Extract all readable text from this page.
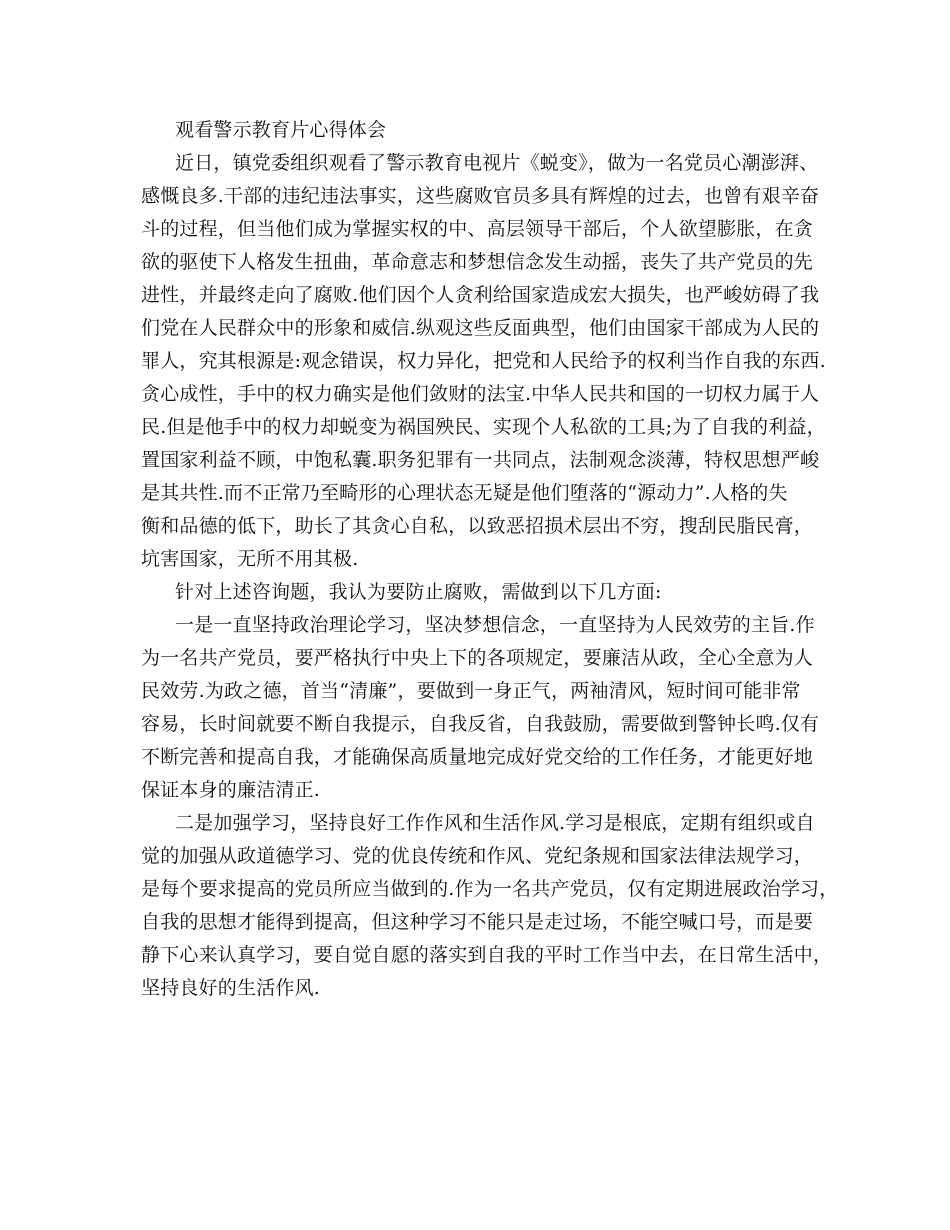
观看警示教育片心得体会
近日，镇党委组织观看了警示教育电视片《蜕变》，做为一名党员心潮澎湃、
感慨良多.干部的违纪违法事实，这些腐败官员多具有辉煌的过去，也曾有艰辛奋
斗的过程，但当他们成为掌握实权的中、高层领导干部后，个人欲望膨胀，在贪
欲的驱使下人格发生扭曲，革命意志和梦想信念发生动摇，丧失了共产党员的先
进性，并最终走向了腐败.他们因个人贪利给国家造成宏大损失，也严峻妨碍了我
们党在人民群众中的形象和威信.纵观这些反面典型，他们由国家干部成为人民的
罪人，究其根源是:观念错误，权力异化，把党和人民给予的权利当作自我的东西.
贪心成性，手中的权力确实是他们敛财的法宝.中华人民共和国的一切权力属于人
民.但是他手中的权力却蜕变为祸国殃民、实现个人私欲的工具;为了自我的利益，
置国家利益不顾，中饱私囊.职务犯罪有一共同点，法制观念淡薄，特权思想严峻
是其共性.而不正常乃至畸形的心理状态无疑是他们堕落的“源动力”.人格的失
衡和品德的低下，助长了其贪心自私，以致恶招损术层出不穷，搜刮民脂民膏，
坑害国家，无所不用其极.
针对上述咨询题，我认为要防止腐败，需做到以下几方面:
一是一直坚持政治理论学习，坚决梦想信念，一直坚持为人民效劳的主旨.作
为一名共产党员，要严格执行中央上下的各项规定，要廉洁从政，全心全意为人
民效劳.为政之德，首当“清廉”，要做到一身正气，两袖清风，短时间可能非常
容易，长时间就要不断自我提示，自我反省，自我鼓励，需要做到警钟长鸣.仅有
不断完善和提高自我，才能确保高质量地完成好党交给的工作任务，才能更好地
保证本身的廉洁清正.
二是加强学习，坚持良好工作作风和生活作风.学习是根底，定期有组织或自
觉的加强从政道德学习、党的优良传统和作风、党纪条规和国家法律法规学习，
是每个要求提高的党员所应当做到的.作为一名共产党员，仅有定期进展政治学习，
自我的思想才能得到提高，但这种学习不能只是走过场，不能空喊口号，而是要
静下心来认真学习，要自觉自愿的落实到自我的平时工作当中去，在日常生活中，
坚持良好的生活作风.
